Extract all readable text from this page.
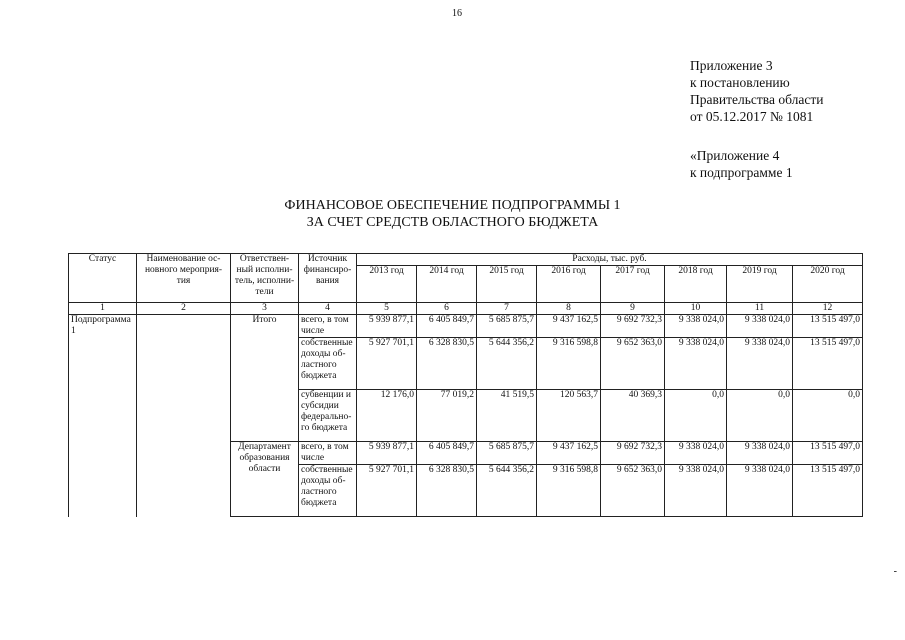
16
Приложение 3
к постановлению
Правительства области
от 05.12.2017 № 1081
«Приложение 4
к подпрограмме 1
ФИНАНСОВОЕ ОБЕСПЕЧЕНИЕ ПОДПРОГРАММЫ 1
ЗА СЧЕТ СРЕДСТВ ОБЛАСТНОГО БЮДЖЕТА
Статус	Наименование ос-новного мероприя-тия	Ответствен-ный исполни-тель, исполни-тели	Источник финансиро-вания	Расходы, тыс. руб.							
				2013 год	2014 год	2015 год	2016 год	2017 год	2018 год	2019 год	2020 год
1	2	3	4	5	6	7	8	9	10	11	12
Подпрограмма 1		Итого	всего, в том числе	5 939 877,1	6 405 849,7	5 685 875,7	9 437 162,5	9 692 732,3	9 338 024,0	9 338 024,0	13 515 497,0
			собственные доходы об-ластного бюджета	5 927 701,1	6 328 830,5	5 644 356,2	9 316 598,8	9 652 363,0	9 338 024,0	9 338 024,0	13 515 497,0
			субвенции и субсидии федерально-го бюджета	12 176,0	77 019,2	41 519,5	120 563,7	40 369,3	0,0	0,0	0,0
		Департамент образования области	всего, в том числе	5 939 877,1	6 405 849,7	5 685 875,7	9 437 162,5	9 692 732,3	9 338 024,0	9 338 024,0	13 515 497,0
			собственные доходы об-ластного бюджета	5 927 701,1	6 328 830,5	5 644 356,2	9 316 598,8	9 652 363,0	9 338 024,0	9 338 024,0	13 515 497,0
-
